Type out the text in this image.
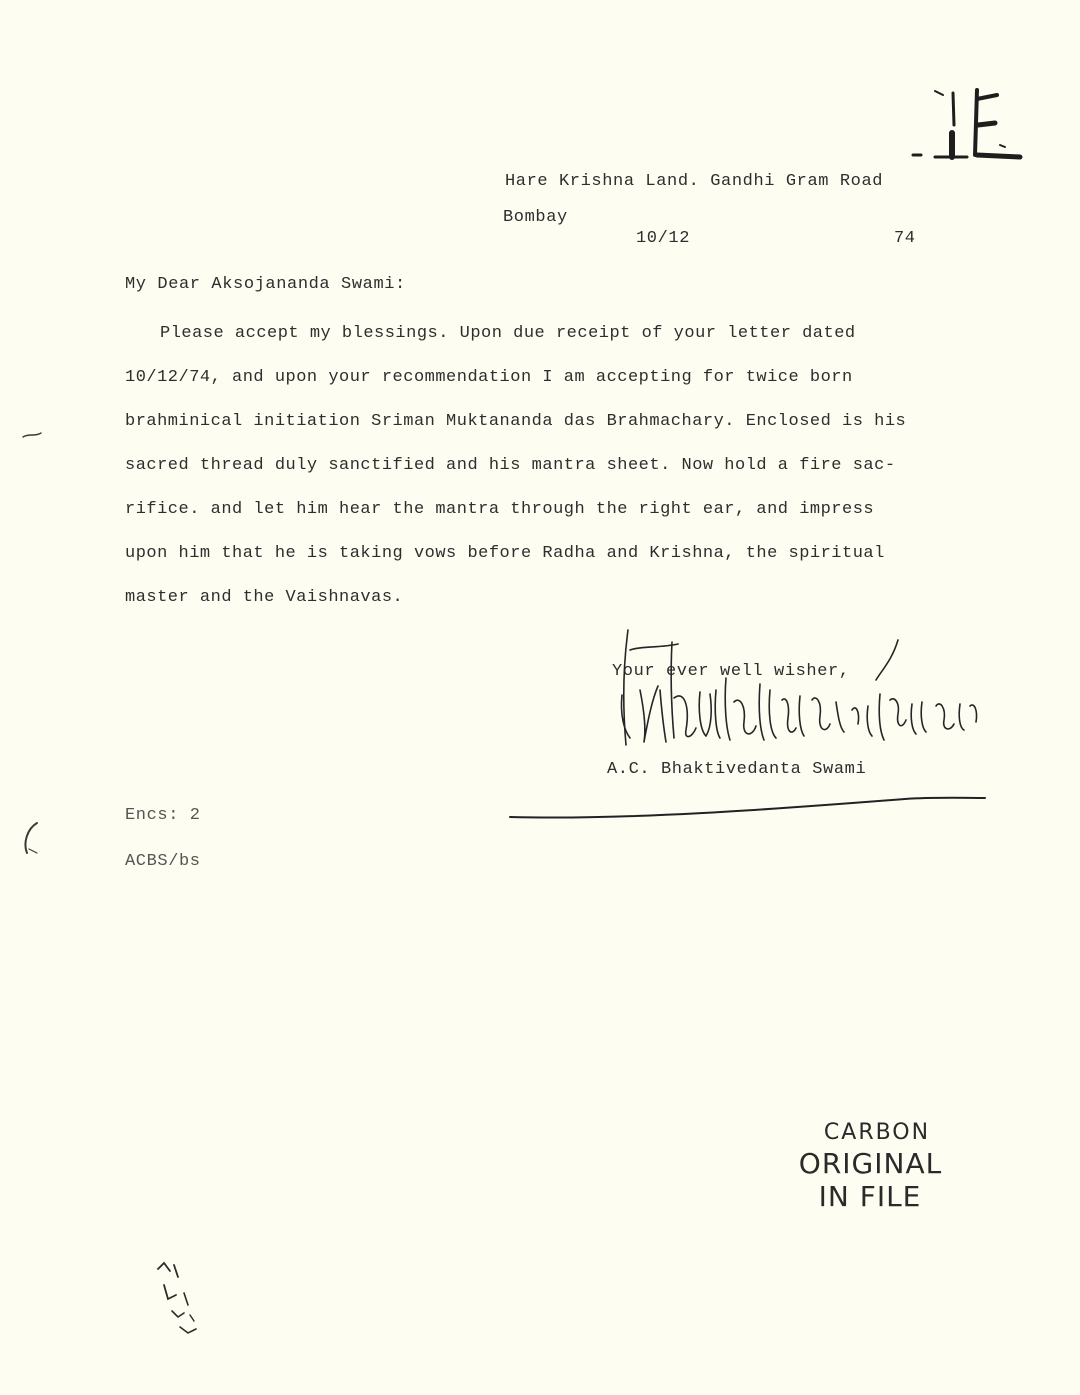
Hare Krishna Land. Gandhi Gram Road
Bombay
10/12	74
My Dear Aksojananda Swami:
Please accept my blessings. Upon due receipt of your letter dated
10/12/74, and upon your recommendation I am accepting for twice born
brahminical initiation Sriman Muktananda das Brahmachary. Enclosed is his
sacred thread duly sanctified and his mantra sheet. Now hold a fire sac-
rifice. and let him hear the mantra through the right ear, and impress
upon him that he is taking vows before Radha and Krishna, the spiritual
master and the Vaishnavas.
Your ever well wisher,
A.C. Bhaktivedanta Swami
Encs: 2
ACBS/bs
CARBON
ORIGINAL
IN FILE
